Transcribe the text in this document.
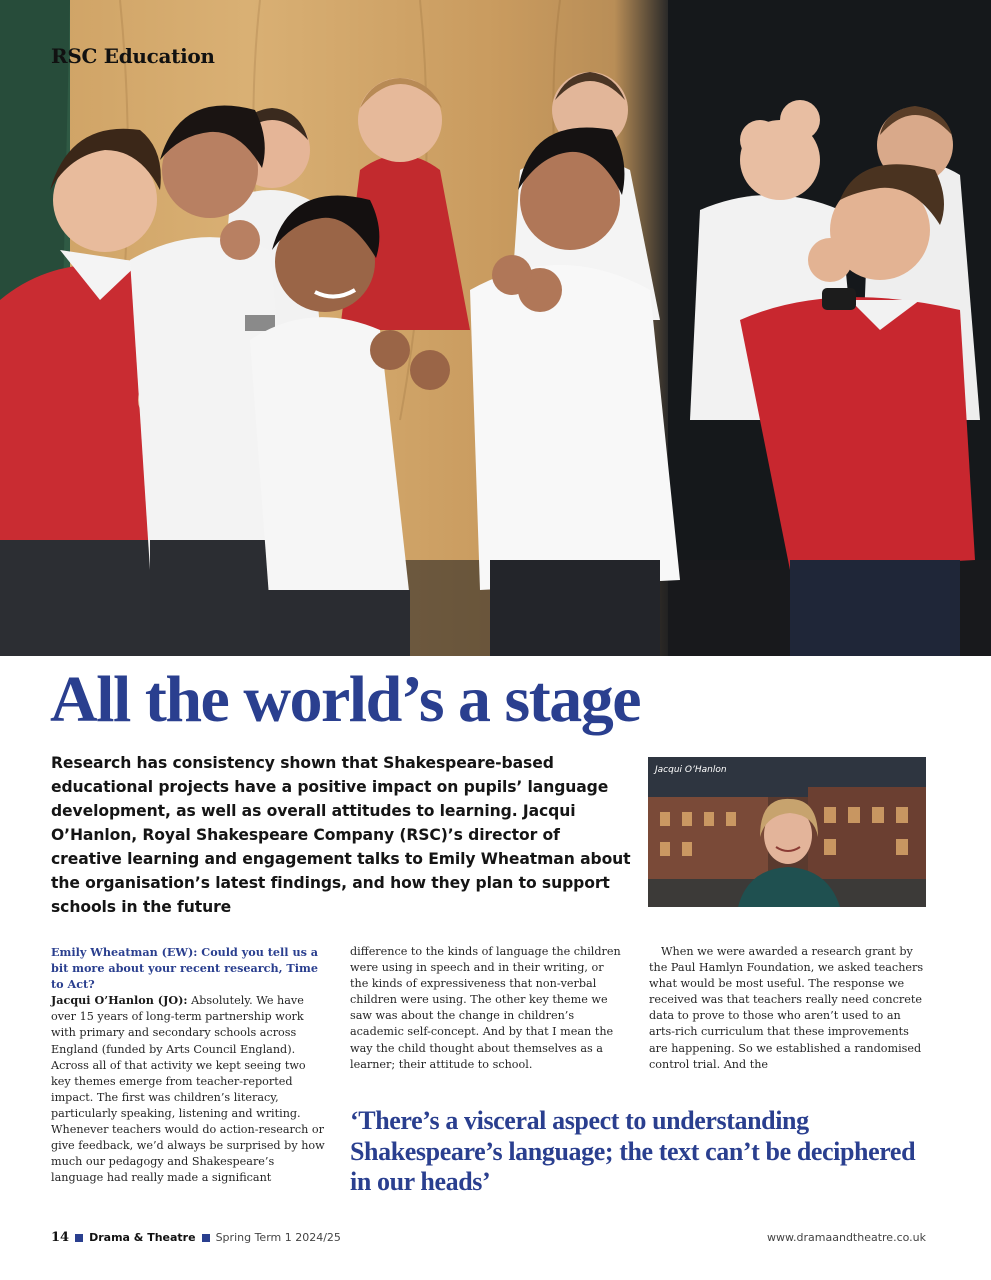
RSC Education

All the world’s a stage

Research has consistency shown that Shakespeare-based educational projects have a positive impact on pupils’ language development, as well as overall attitudes to learning. Jacqui O’Hanlon, Royal Shakespeare Company (RSC)’s director of creative learning and engagement talks to Emily Wheatman about the organisation’s latest findings, and how they plan to support schools in the future

Jacqui O’Hanlon

Emily Wheatman (EW): Could you tell us a bit more about your recent research, Time to Act?

Jacqui O’Hanlon (JO): Absolutely. We have over 15 years of long-term partnership work with primary and secondary schools across England (funded by Arts Council England). Across all of that activity we kept seeing two key themes emerge from teacher-reported impact. The first was children’s literacy, particularly speaking, listening and writing. Whenever teachers would do action-research or give feedback, we’d always be surprised by how much our pedagogy and Shakespeare’s language had really made a significant

difference to the kinds of language the children were using in speech and in their writing, or the kinds of expressiveness that non-verbal children were using. The other key theme we saw was about the change in children’s academic self-concept. And by that I mean the way the child thought about themselves as a learner; their attitude to school.

When we were awarded a research grant by the Paul Hamlyn Foundation, we asked teachers what would be most useful. The response we received was that teachers really need concrete data to prove to those who aren’t used to an arts-rich curriculum that these improvements are happening. So we established a randomised control trial. And the

‘There’s a visceral aspect to understanding Shakespeare’s language; the text can’t be deciphered in our heads’

14 Drama & Theatre Spring Term 1 2024/25	www.dramaandtheatre.co.uk
